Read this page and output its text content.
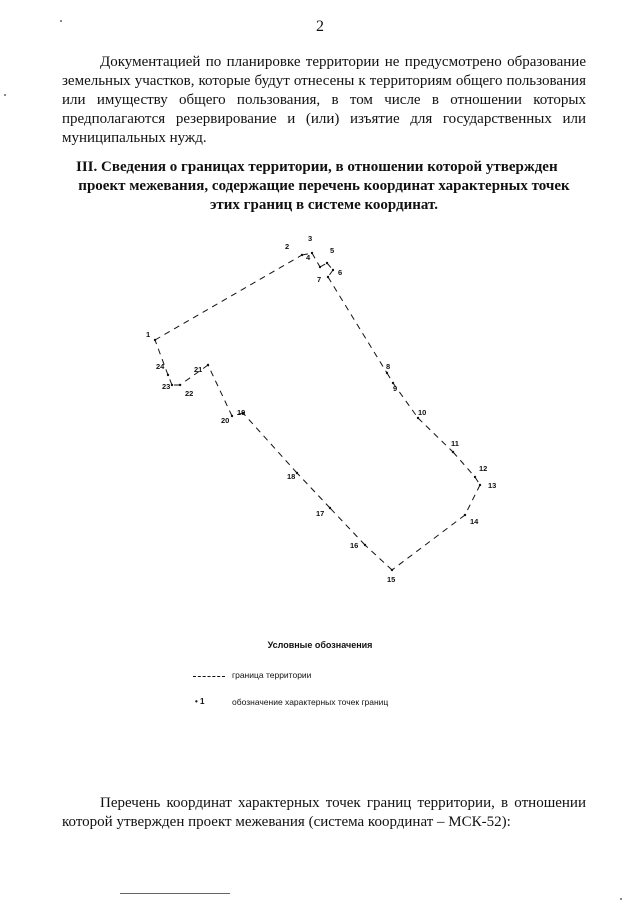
2
Документацией по планировке территории не предусмотрено образование земельных участков, которые будут отнесены к территориям общего пользования или имуществу общего пользования, в том числе в отношении которых предполагаются резервирование и (или) изъятие для государственных или муниципальных нужд.

III. Сведения о границах территории, в отношении которой утвержден

проект межевания, содержащие перечень координат характерных точек

этих границ в системе координат.

1
2
3
4
5
6
7
8
9
10
11
12
13
14
15
16
17
18
19
20
21
22
23
24
Условные обозначения
граница территории
• 1	обозначение характерных точек границ
Перечень координат характерных точек границ территории, в отношении которой утвержден проект межевания (система координат – МСК-52):
